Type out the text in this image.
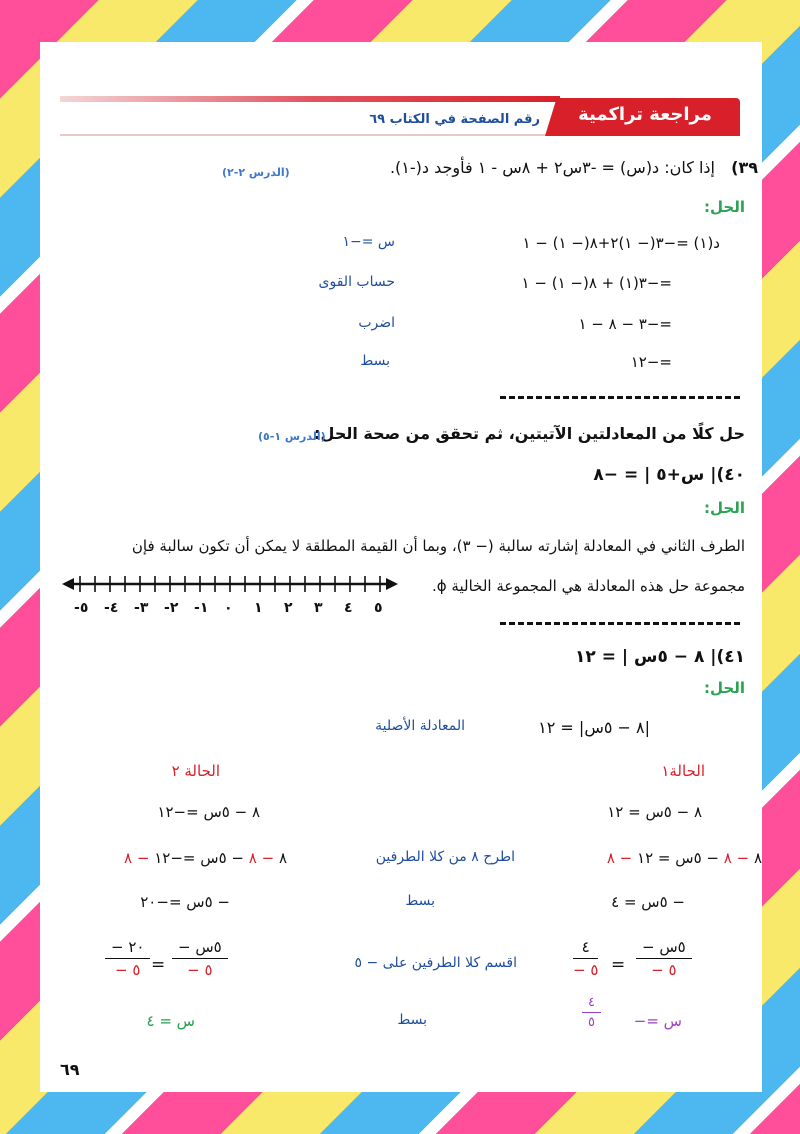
مراجعة تراكمية
رقم الصفحة في الكتاب ٦٩
٣٩)
إذا كان: د(س) = -٣س٢ + ٨س - ١ فأوجد د(-١).
(الدرس ٢-٢)
الحل:
د(١) =−٣(− ١)٢+٨(− ١) − ١
س =−١
=−٣(١) + ٨(− ١) − ١
حساب القوى
=−٣ − ٨ − ١
اضرب
=−١٢
بسط
حل كلًا من المعادلتين الآتيتين، ثم تحقق من صحة الحل:
(الدرس ١-٥)
٤٠)| س+٥ | = −٨
الحل:
الطرف الثاني في المعادلة إشارته سالبة (− ٣)، وبما أن القيمة المطلقة لا يمكن أن تكون سالبة فإن
مجموعة حل هذه المعادلة هي المجموعة الخالية ϕ.
٥
٤
٣
٢
١
٠
-١
-٢
-٣
-٤
-٥
٤١)| ٨ − ٥س | = ١٢
الحل:
|٨ − ٥س| = ١٢
المعادلة الأصلية
الحالة١
الحالة ٢
٨ − ٥س = ١٢
٨ − ٨ − ٥س = ١٢ − ٨
− ٥س = ٤
− ٥س
− ٥
=
٤
− ٥
س =−
٤
٥
اطرح ٨ من كلا الطرفين
بسط
اقسم كلا الطرفين على − ٥
بسط
٨ − ٥س =−١٢
٨ − ٨ − ٥س =−١٢ − ٨
− ٥س =−٢٠
− ٥س
− ٥
=
− ٢٠
− ٥
س = ٤
٦٩
